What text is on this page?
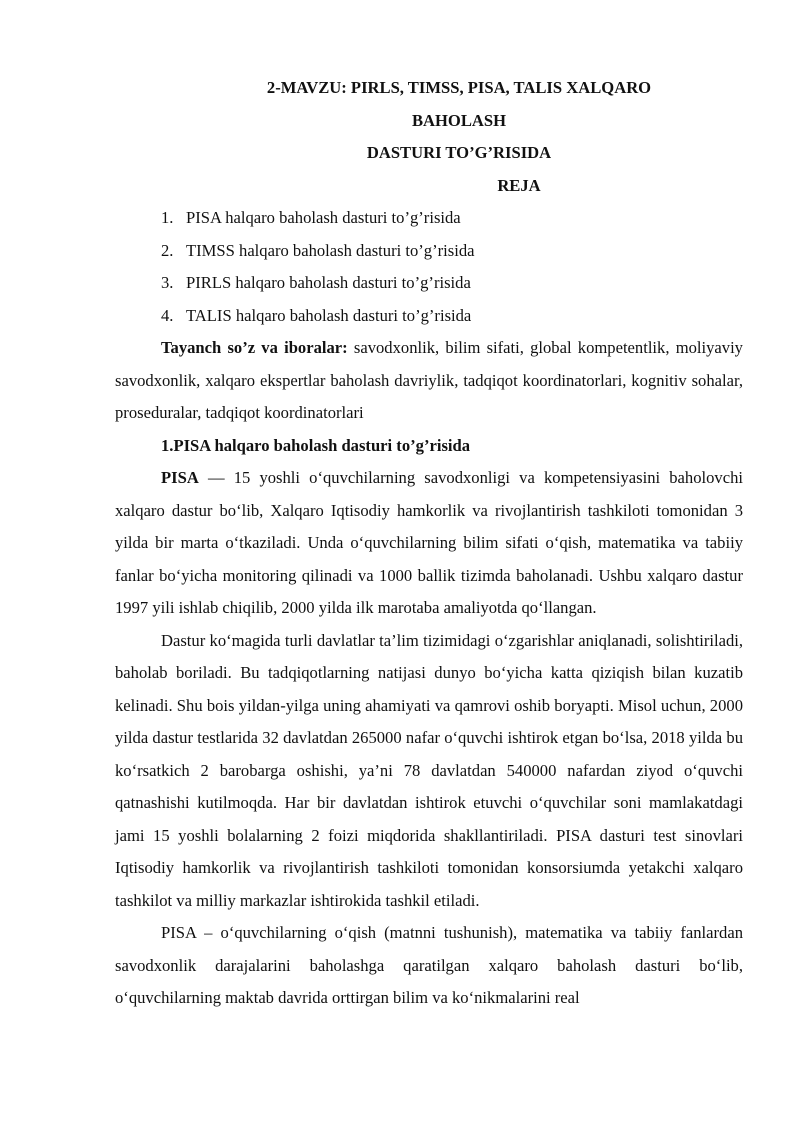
2-MAVZU: PIRLS, TIMSS, PISA, TALIS XALQARO BAHOLASH
DASTURI TO’G’RISIDA
REJA
1. PISA halqaro baholash dasturi to’g’risida
2. TIMSS halqaro baholash dasturi to’g’risida
3. PIRLS halqaro baholash dasturi to’g’risida
4. TALIS halqaro baholash dasturi to’g’risida

Tayanch so’z va iboralar: savodxonlik, bilim sifati, global kompetentlik, moliyaviy savodxonlik, xalqaro ekspertlar baholash davriylik, tadqiqot koordinatorlari, kognitiv sohalar, proseduralar, tadqiqot koordinatorlari

1.PISA halqaro baholash dasturi to’g’risida

PISA — 15 yoshli o‘quvchilarning savodxonligi va kompetensiyasini baholovchi xalqaro dastur bo‘lib, Xalqaro Iqtisodiy hamkorlik va rivojlantirish tashkiloti tomonidan 3 yilda bir marta o‘tkaziladi. Unda o‘quvchilarning bilim sifati o‘qish, matematika va tabiiy fanlar bo‘yicha monitoring qilinadi va 1000 ballik tizimda baholanadi. Ushbu xalqaro dastur 1997 yili ishlab chiqilib, 2000 yilda ilk marotaba amaliyotda qo‘llangan.

Dastur ko‘magida turli davlatlar ta’lim tizimidagi o‘zgarishlar aniqlanadi, solishtiriladi, baholab boriladi. Bu tadqiqotlarning natijasi dunyo bo‘yicha katta qiziqish bilan kuzatib kelinadi. Shu bois yildan-yilga uning ahamiyati va qamrovi oshib boryapti. Misol uchun, 2000 yilda dastur testlarida 32 davlatdan 265000 nafar o‘quvchi ishtirok etgan bo‘lsa, 2018 yilda bu ko‘rsatkich 2 barobarga oshishi, ya’ni 78 davlatdan 540000 nafardan ziyod o‘quvchi qatnashishi kutilmoqda. Har bir davlatdan ishtirok etuvchi o‘quvchilar soni mamlakatdagi jami 15 yoshli bolalarning 2 foizi miqdorida shakllantiriladi. PISA dasturi test sinovlari Iqtisodiy hamkorlik va rivojlantirish tashkiloti tomonidan konsorsiumda yetakchi xalqaro tashkilot va milliy markazlar ishtirokida tashkil etiladi.

PISA – o‘quvchilarning o‘qish (matnni tushunish), matematika va tabiiy fanlardan savodxonlik darajalarini baholashga qaratilgan xalqaro baholash dasturi bo‘lib, o‘quvchilarning maktab davrida orttirgan bilim va ko‘nikmalarini real
